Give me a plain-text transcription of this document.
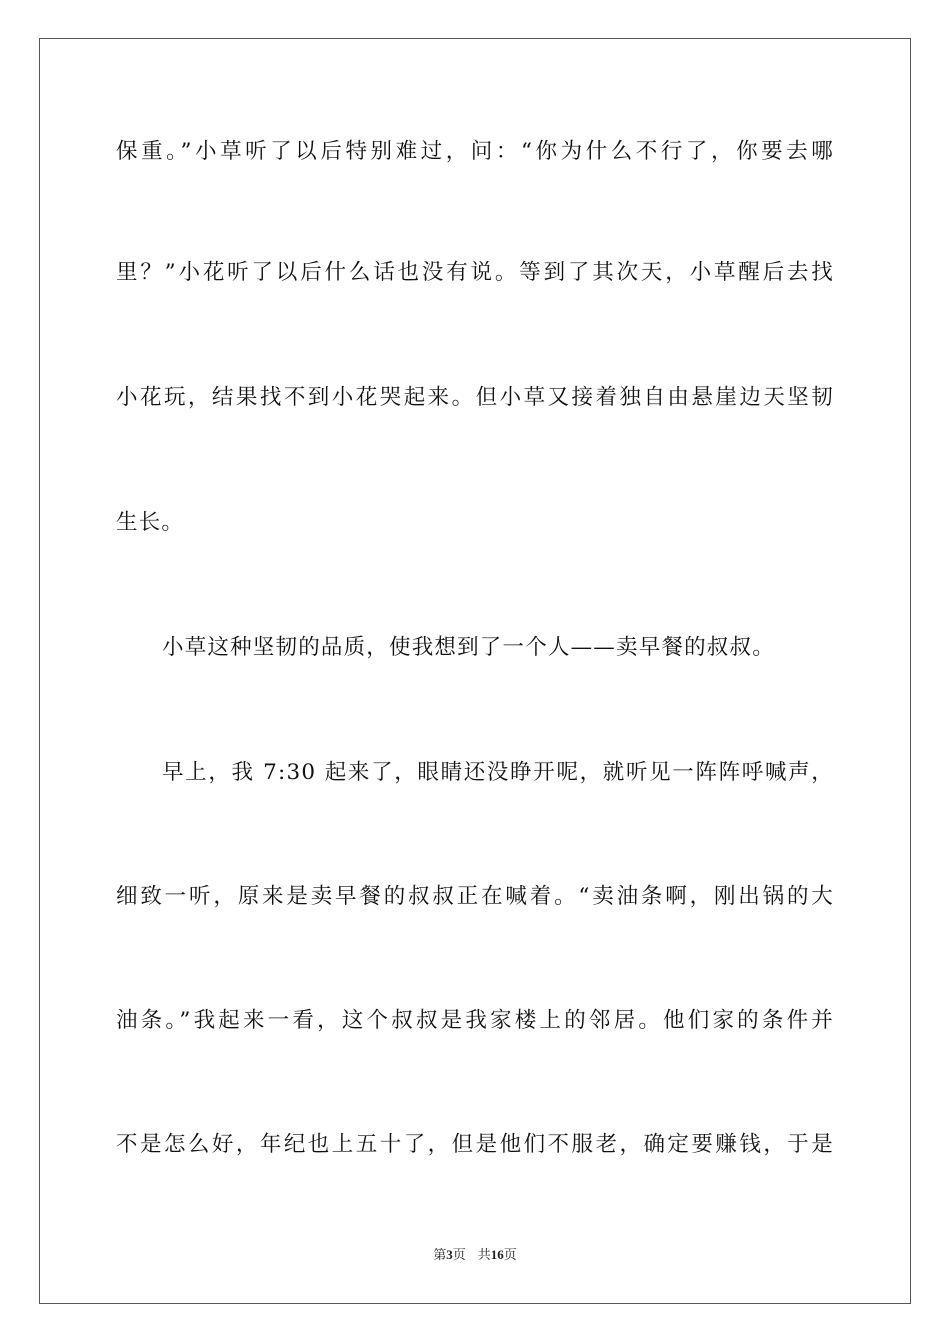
保重。”小草听了以后特别难过，问：“你为什么不行了，你要去哪
里？”小花听了以后什么话也没有说。等到了其次天，小草醒后去找
小花玩，结果找不到小花哭起来。但小草又接着独自由悬崖边天坚韧
生长。
小草这种坚韧的品质，使我想到了一个人——卖早餐的叔叔。
早上，我 7:30 起来了，眼睛还没睁开呢，就听见一阵阵呼喊声，
细致一听，原来是卖早餐的叔叔正在喊着。“卖油条啊，刚出锅的大
油条。”我起来一看，这个叔叔是我家楼上的邻居。他们家的条件并
不是怎么好，年纪也上五十了，但是他们不服老，确定要赚钱，于是
第3页 共16页
